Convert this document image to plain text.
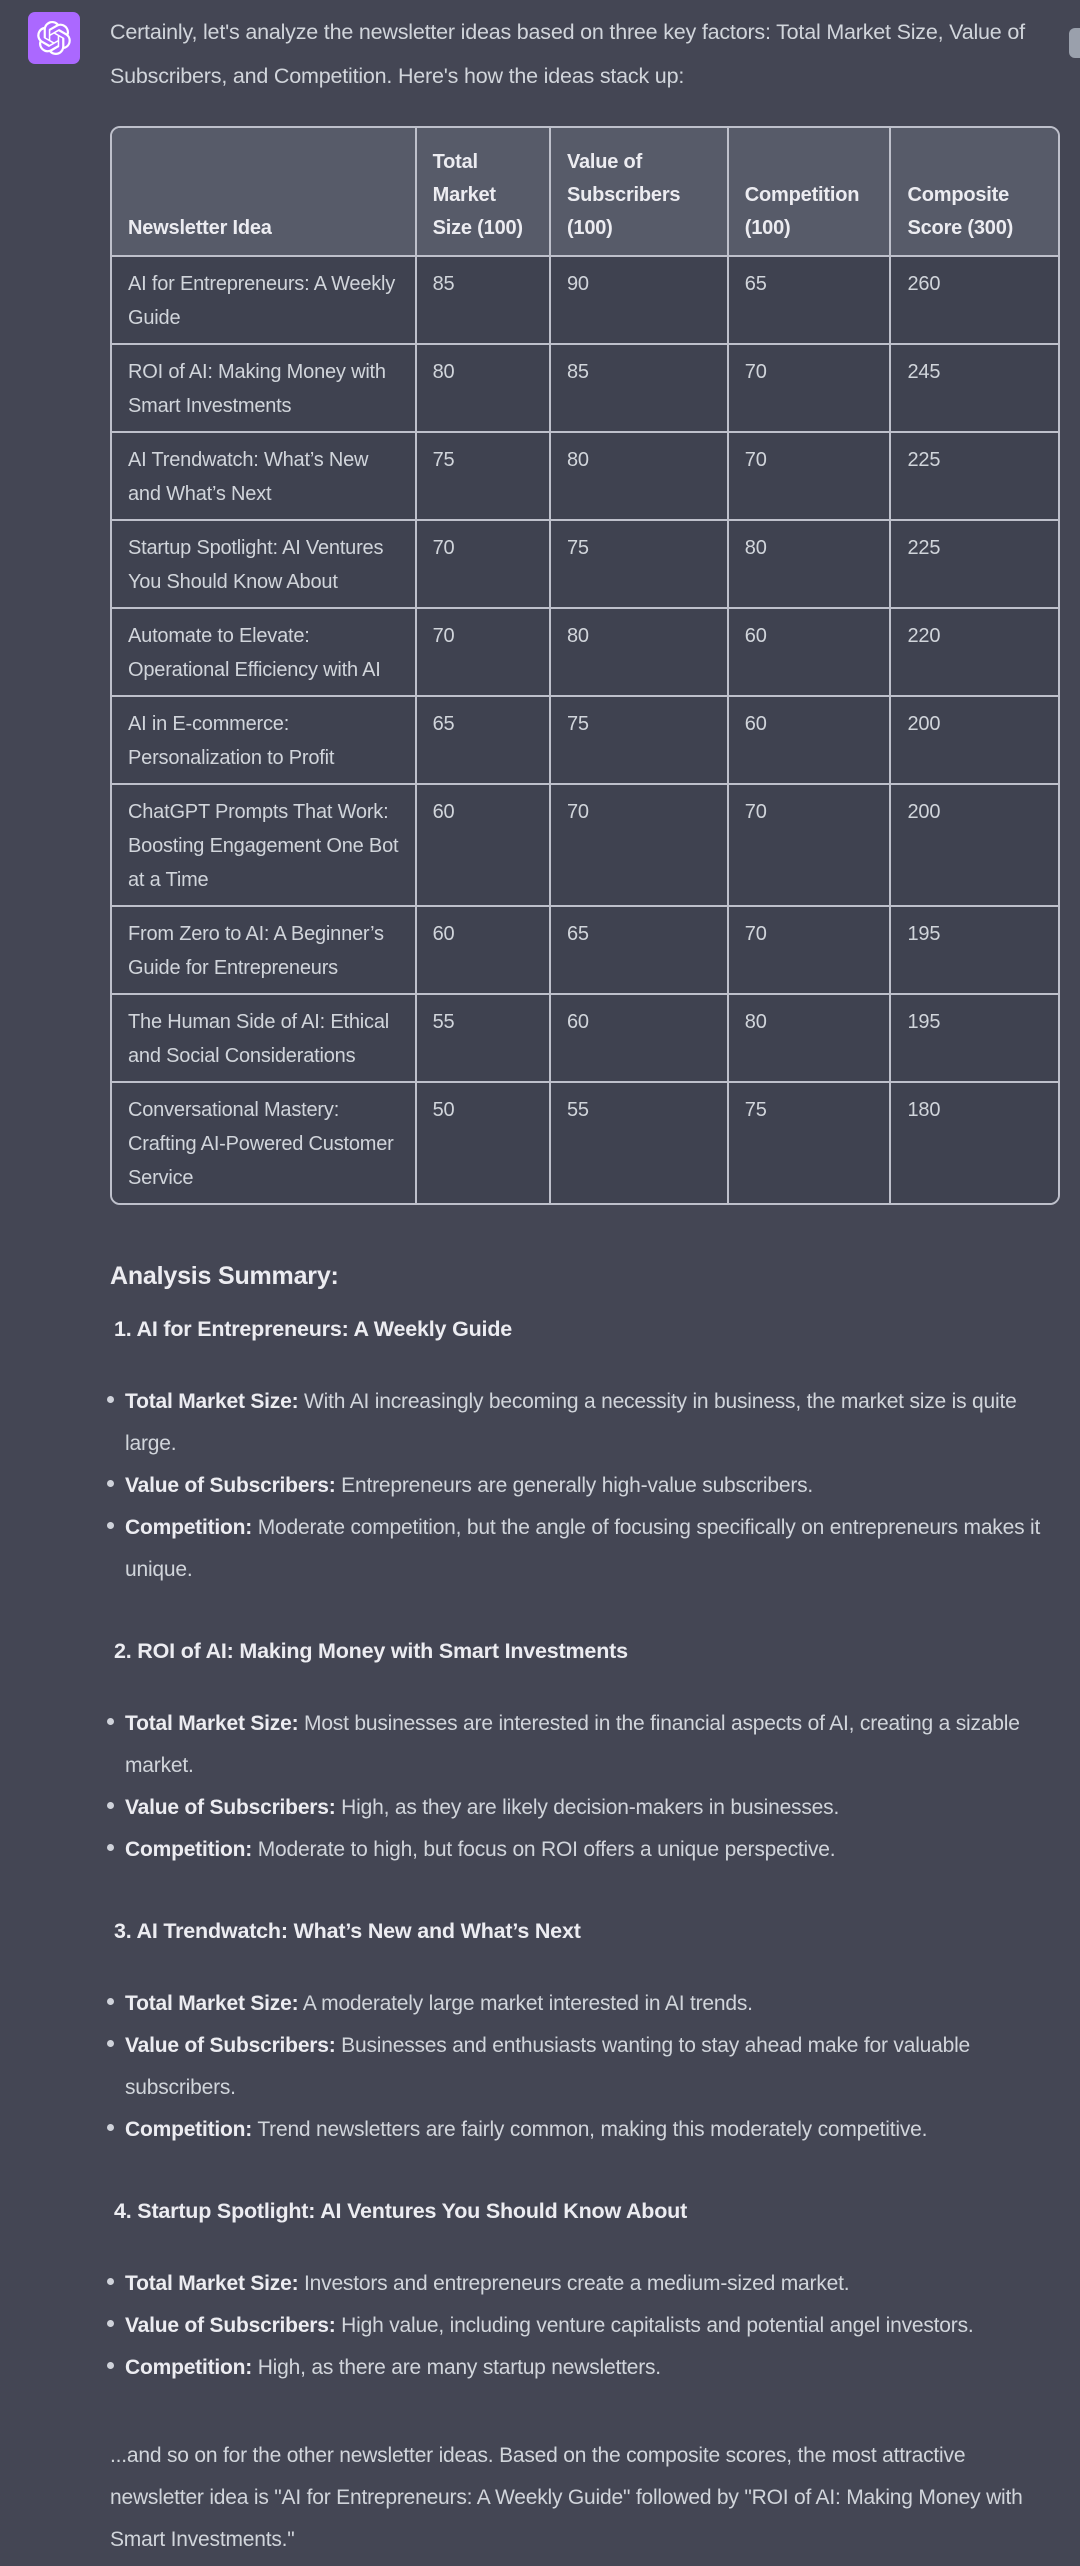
Certainly, let's analyze the newsletter ideas based on three key factors: Total Market Size, Value of Subscribers, and Competition. Here's how the ideas stack up:

Newsletter Idea	Total Market Size (100)	Value of Subscribers (100)	Competition (100)	Composite Score (300)
AI for Entrepreneurs: A Weekly Guide	85	90	65	260
ROI of AI: Making Money with Smart Investments	80	85	70	245
AI Trendwatch: What’s New and What’s Next	75	80	70	225
Startup Spotlight: AI Ventures You Should Know About	70	75	80	225
Automate to Elevate: Operational Efficiency with AI	70	80	60	220
AI in E-commerce: Personalization to Profit	65	75	60	200
ChatGPT Prompts That Work: Boosting Engagement One Bot at a Time	60	70	70	200
From Zero to AI: A Beginner’s Guide for Entrepreneurs	60	65	70	195
The Human Side of AI: Ethical and Social Considerations	55	60	80	195
Conversational Mastery: Crafting AI-Powered Customer Service	50	55	75	180
Analysis Summary:
1. AI for Entrepreneurs: A Weekly Guide
Total Market Size: With AI increasingly becoming a necessity in business, the market size is quite large.
Value of Subscribers: Entrepreneurs are generally high-value subscribers.
Competition: Moderate competition, but the angle of focusing specifically on entrepreneurs makes it unique.
2. ROI of AI: Making Money with Smart Investments
Total Market Size: Most businesses are interested in the financial aspects of AI, creating a sizable market.
Value of Subscribers: High, as they are likely decision-makers in businesses.
Competition: Moderate to high, but focus on ROI offers a unique perspective.
3. AI Trendwatch: What’s New and What’s Next
Total Market Size: A moderately large market interested in AI trends.
Value of Subscribers: Businesses and enthusiasts wanting to stay ahead make for valuable subscribers.
Competition: Trend newsletters are fairly common, making this moderately competitive.
4. Startup Spotlight: AI Ventures You Should Know About
Total Market Size: Investors and entrepreneurs create a medium-sized market.
Value of Subscribers: High value, including venture capitalists and potential angel investors.
Competition: High, as there are many startup newsletters.

...and so on for the other newsletter ideas. Based on the composite scores, the most attractive newsletter idea is "AI for Entrepreneurs: A Weekly Guide" followed by "ROI of AI: Making Money with Smart Investments."
